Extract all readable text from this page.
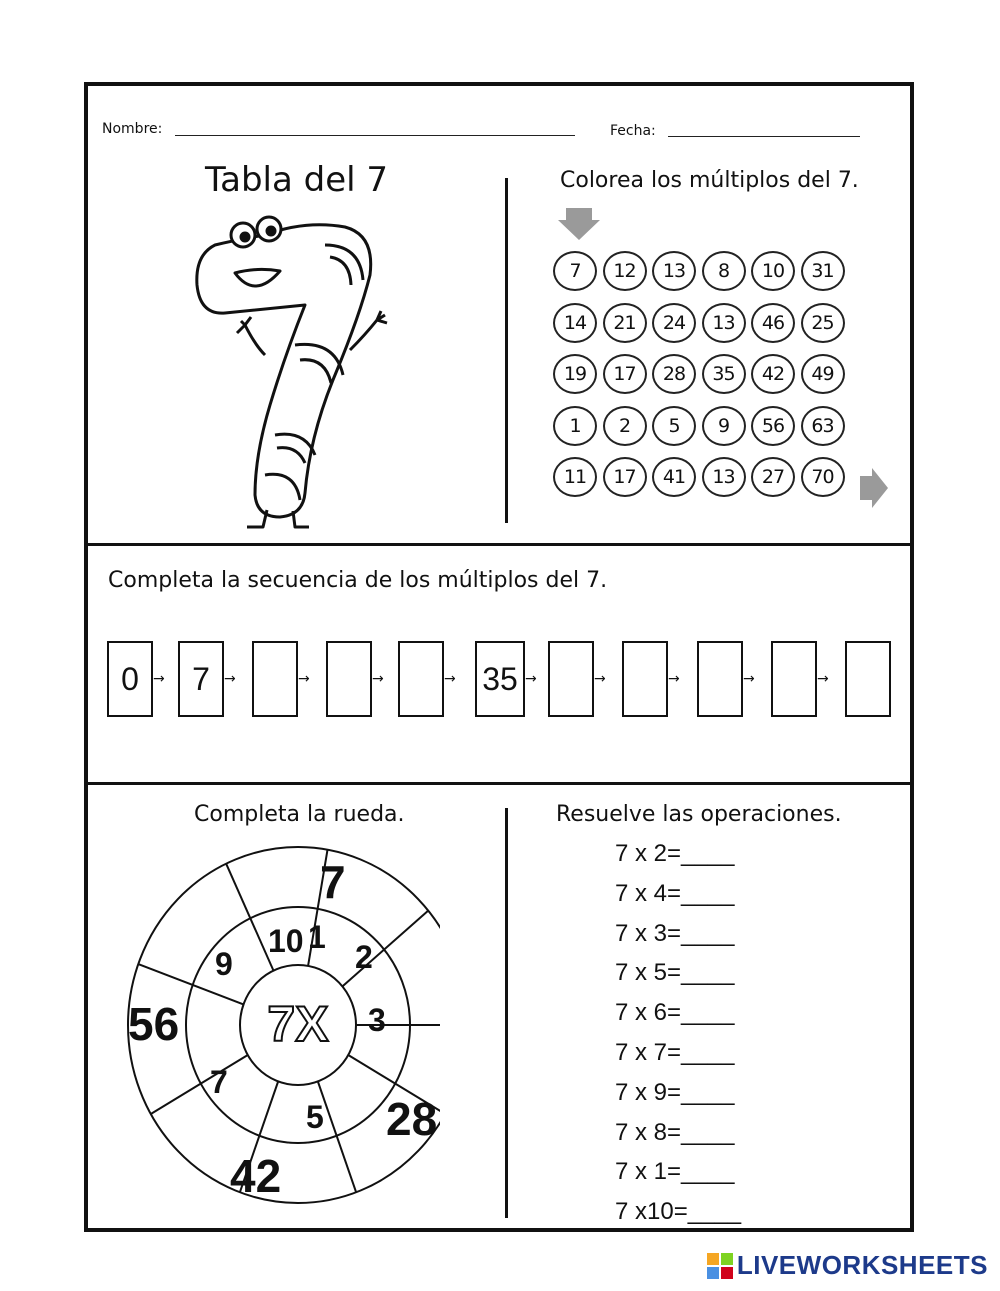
Nombre:	Fecha:
Tabla del 7	Colorea los múltiplos del 7.
7	12	13	8	10	31
14	21	24	13	46	25
19	17	28	35	42	49
1	2	5	9	56	63
11	17	41	13	27	70
Completa la secuencia de los múltiplos del 7.
0	→ 7	→	→	→	→ 35 →	→	→	→	→
Completa la rueda.
7X
10 1
2
3
5
7
9
7
28
42
56
Resuelve las operaciones.
7 x 2=____
7 x 4=____
7 x 3=____
7 x 5=____
7 x 6=____
7 x 7=____
7 x 9=____
7 x 8=____
7 x 1=____
7 x10=____
LIVEWORKSHEETS
